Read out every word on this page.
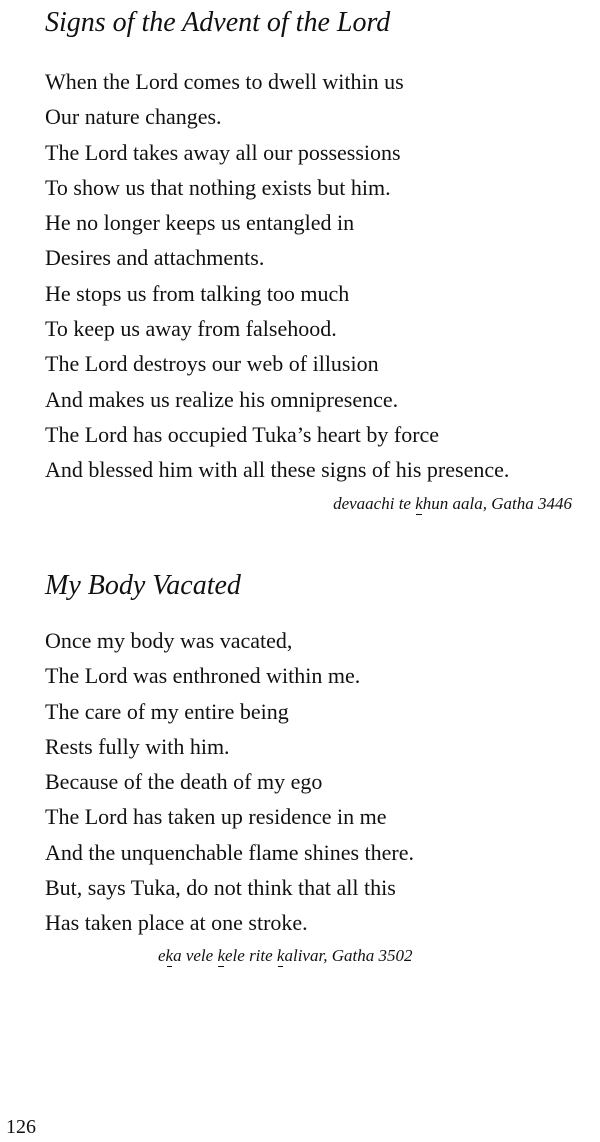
Signs of the Advent of the Lord
When the Lord comes to dwell within us
Our nature changes.
The Lord takes away all our possessions
To show us that nothing exists but him.
He no longer keeps us entangled in
Desires and attachments.
He stops us from talking too much
To keep us away from falsehood.
The Lord destroys our web of illusion
And makes us realize his omnipresence.
The Lord has occupied Tuka’s heart by force
And blessed him with all these signs of his presence.
devaachi te khun aala, Gatha 3446
My Body Vacated
Once my body was vacated,
The Lord was enthroned within me.
The care of my entire being
Rests fully with him.
Because of the death of my ego
The Lord has taken up residence in me
And the unquenchable flame shines there.
But, says Tuka, do not think that all this
Has taken place at one stroke.
eka vele kele rite kalivar, Gatha 3502
126
